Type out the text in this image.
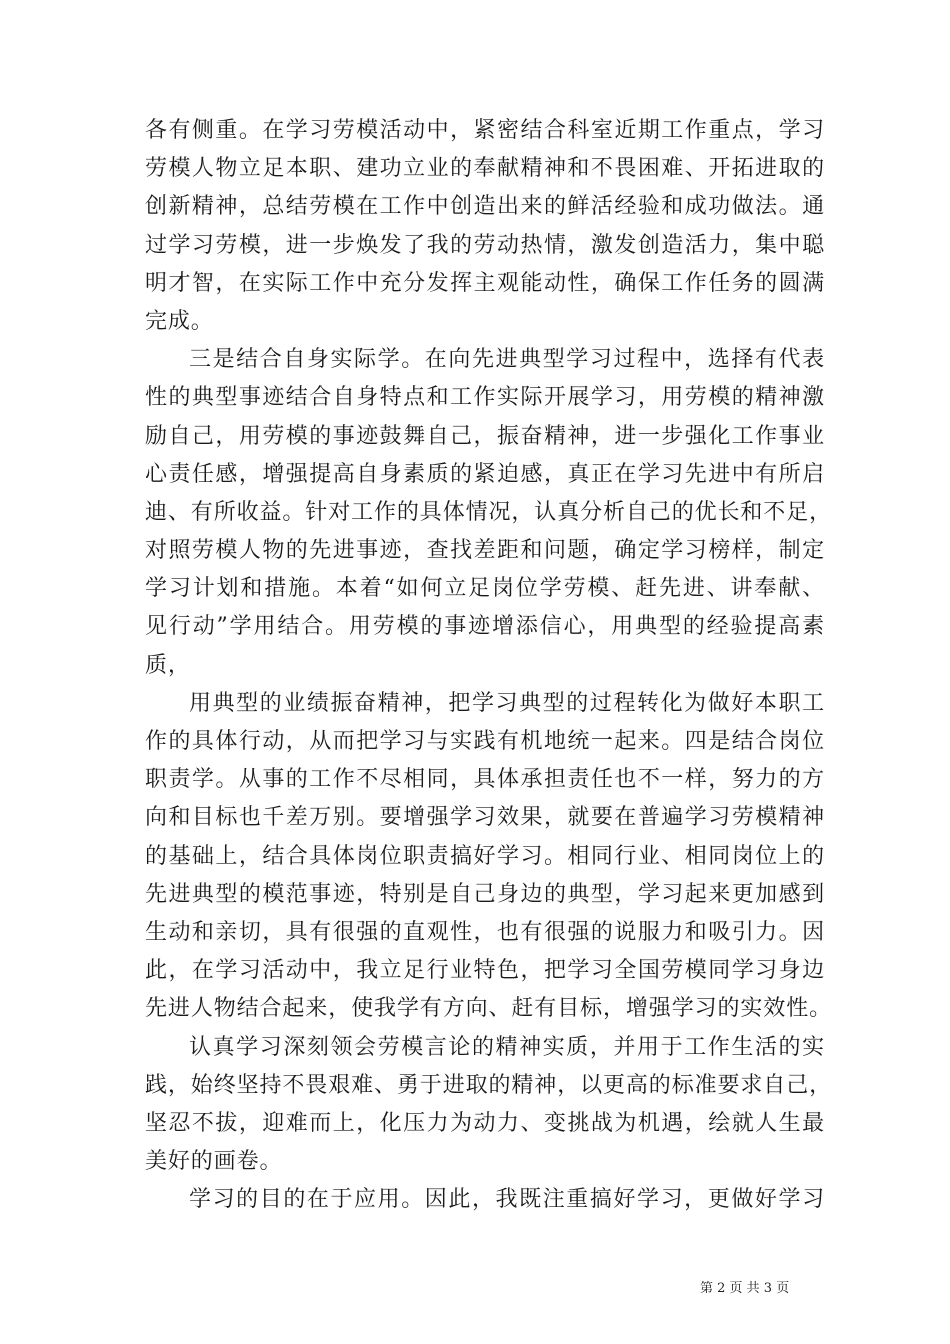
各有侧重。在学习劳模活动中，紧密结合科室近期工作重点，学习
劳模人物立足本职、建功立业的奉献精神和不畏困难、开拓进取的
创新精神，总结劳模在工作中创造出来的鲜活经验和成功做法。通
过学习劳模，进一步焕发了我的劳动热情，激发创造活力，集中聪
明才智，在实际工作中充分发挥主观能动性，确保工作任务的圆满
完成。
三是结合自身实际学。在向先进典型学习过程中，选择有代表
性的典型事迹结合自身特点和工作实际开展学习，用劳模的精神激
励自己，用劳模的事迹鼓舞自己，振奋精神，进一步强化工作事业
心责任感，增强提高自身素质的紧迫感，真正在学习先进中有所启
迪、有所收益。针对工作的具体情况，认真分析自己的优长和不足，
对照劳模人物的先进事迹，查找差距和问题，确定学习榜样，制定
学习计划和措施。本着“如何立足岗位学劳模、赶先进、讲奉献、
见行动”学用结合。用劳模的事迹增添信心，用典型的经验提高素
质，
用典型的业绩振奋精神，把学习典型的过程转化为做好本职工
作的具体行动，从而把学习与实践有机地统一起来。四是结合岗位
职责学。从事的工作不尽相同，具体承担责任也不一样，努力的方
向和目标也千差万别。要增强学习效果，就要在普遍学习劳模精神
的基础上，结合具体岗位职责搞好学习。相同行业、相同岗位上的
先进典型的模范事迹，特别是自己身边的典型，学习起来更加感到
生动和亲切，具有很强的直观性，也有很强的说服力和吸引力。因
此，在学习活动中，我立足行业特色，把学习全国劳模同学习身边
先进人物结合起来，使我学有方向、赶有目标，增强学习的实效性。
认真学习深刻领会劳模言论的精神实质，并用于工作生活的实
践，始终坚持不畏艰难、勇于进取的精神，以更高的标准要求自己，
坚忍不拔，迎难而上，化压力为动力、变挑战为机遇，绘就人生最
美好的画卷。
学习的目的在于应用。因此，我既注重搞好学习，更做好学习
第 2 页 共 3 页
